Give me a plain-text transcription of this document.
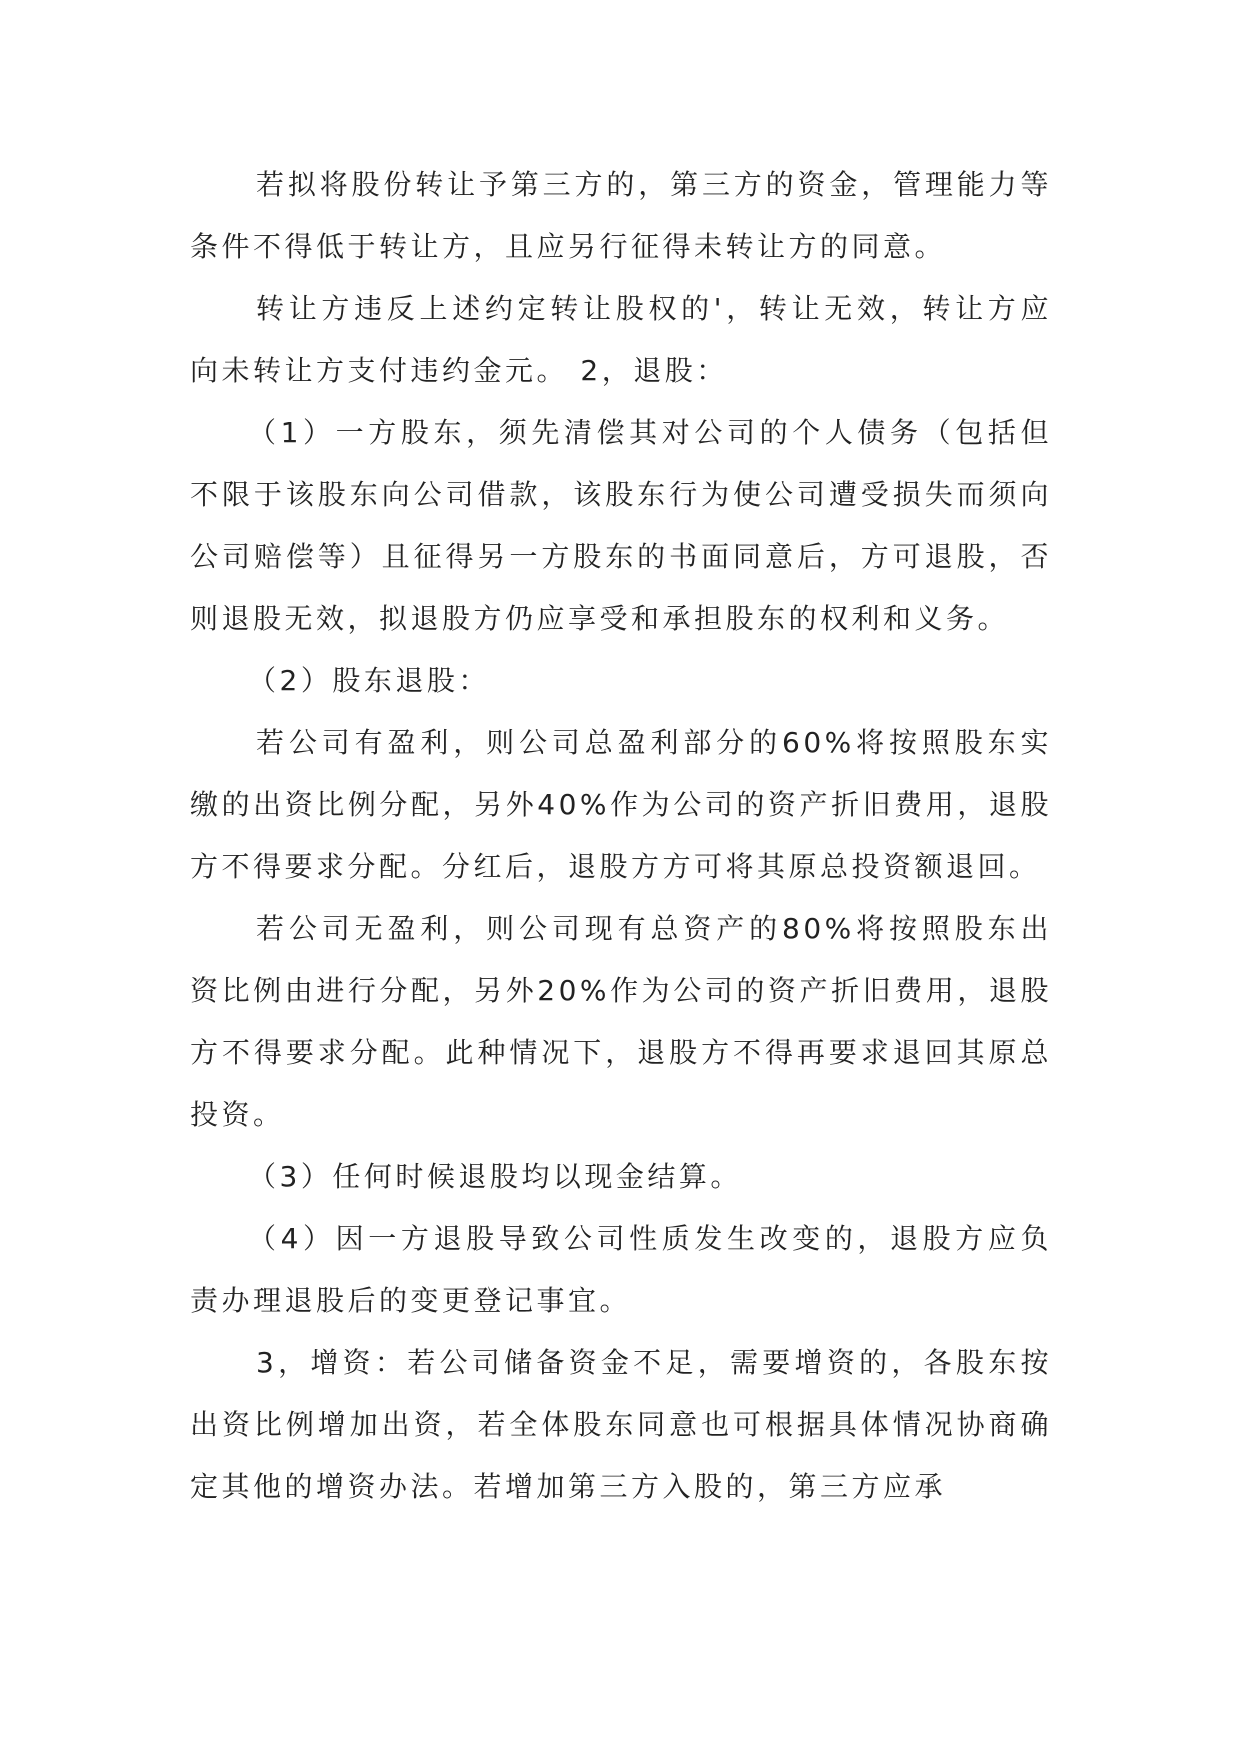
若拟将股份转让予第三方的，第三方的资金，管理能力等条件不得低于转让方，且应另行征得未转让方的同意。

转让方违反上述约定转让股权的'，转让无效，转让方应向未转让方支付违约金元。 2，退股：

（1）一方股东，须先清偿其对公司的个人债务（包括但不限于该股东向公司借款，该股东行为使公司遭受损失而须向公司赔偿等）且征得另一方股东的书面同意后，方可退股，否则退股无效，拟退股方仍应享受和承担股东的权利和义务。

（2）股东退股：

若公司有盈利，则公司总盈利部分的60%将按照股东实缴的出资比例分配，另外40%作为公司的资产折旧费用，退股方不得要求分配。分红后，退股方方可将其原总投资额退回。

若公司无盈利，则公司现有总资产的80%将按照股东出资比例由进行分配，另外20%作为公司的资产折旧费用，退股方不得要求分配。此种情况下，退股方不得再要求退回其原总投资。

（3）任何时候退股均以现金结算。

（4）因一方退股导致公司性质发生改变的，退股方应负责办理退股后的变更登记事宜。

3，增资：若公司储备资金不足，需要增资的，各股东按出资比例增加出资，若全体股东同意也可根据具体情况协商确定其他的增资办法。若增加第三方入股的，第三方应承
